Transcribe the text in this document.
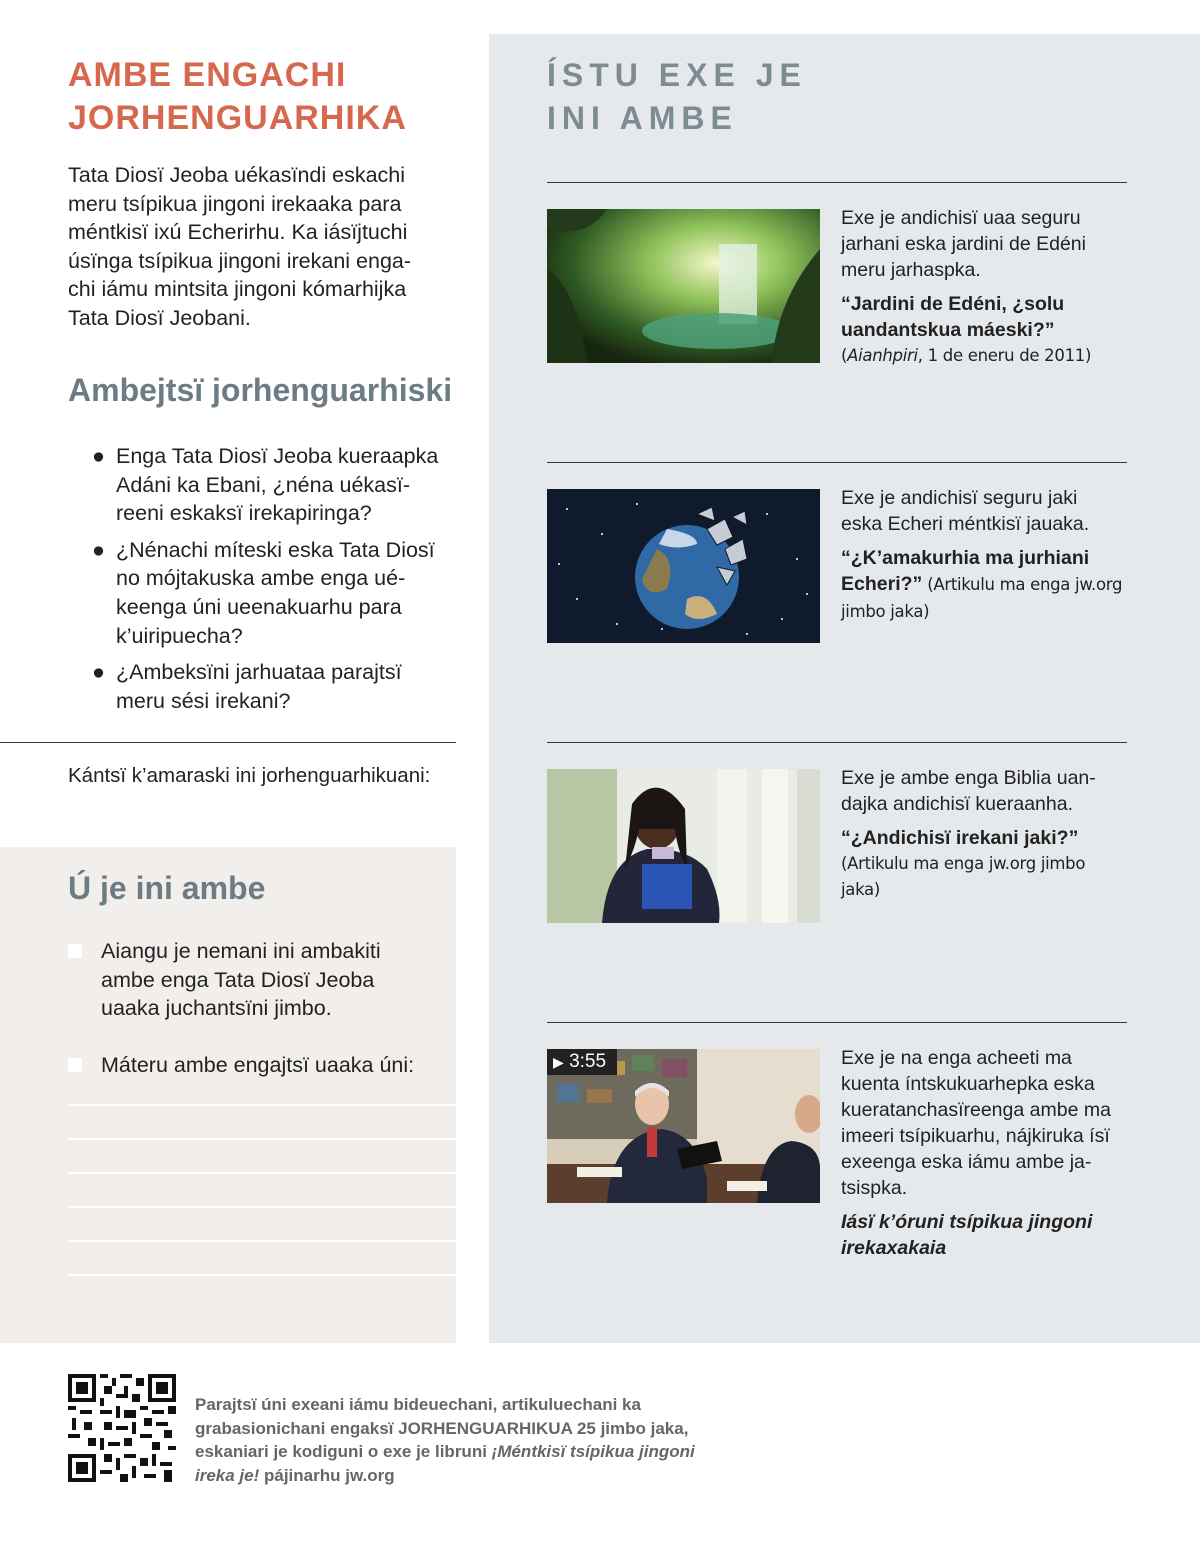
AMBE ENGACHI
JORHENGUARHIKA
Tata Diosï Jeoba uékasïndi eskachi
meru tsípikua jingoni irekaaka para
méntkisï ixú Echerirhu. Ka iásïjtuchi
úsïnga tsípikua jingoni irekani enga-
chi iámu mintsita jingoni kómarhijka
Tata Diosï Jeobani.
Ambejtsï jorhenguarhiski
● Enga Tata Diosï Jeoba kueraapka
Adáni ka Ebani, ¿néna uékasï-
reeni eskaksï irekapiringa?
● ¿Nénachi míteski eska Tata Diosï
no mójtakuska ambe enga ué-
keenga úni ueenakuarhu para
k’uiripuecha?
● ¿Ambeksïni jarhuataa parajtsï
meru sési irekani?
Kántsï k’amaraski ini jorhenguarhikuani:
Ú je ini ambe
Aiangu je nemani ini ambakiti
ambe enga Tata Diosï Jeoba
uaaka juchantsïni jimbo.
Máteru ambe engajtsï uaaka úni:
ÍSTU EXE JE
INI AMBE
Exe je andichisï uaa seguru
jarhani eska jardini de Edéni
meru jarhaspka.
“Jardini de Edéni, ¿solu
uandantskua máeski?”
(Aianhpiri, 1 de eneru de 2011)
Exe je andichisï seguru jaki
eska Echeri méntkisï jauaka.
“¿K’amakurhia ma jurhiani
Echeri?” (Artikulu ma enga jw.org jimbo jaka)
Exe je ambe enga Biblia uan-
dajka andichisï kueraanha.
“¿Andichisï irekani jaki?”
(Artikulu ma enga jw.org jimbo jaka)
▶ 3:55	Exe je na enga acheeti ma
kuenta íntskukuarhepka eska
kueratanchasïreenga ambe ma
imeeri tsípikuarhu, nájkiruka ísï
exeenga eska iámu ambe ja-
tsispka.
Iásï k’óruni tsípikua jingoni
irekaxakaia
Parajtsï úni exeani iámu bideuechani, artikuluechani ka
grabasionichani engaksï JORHENGUARHIKUA 25 jimbo jaka,
eskaniari je kodiguni o exe je libruni ¡Méntkisï tsípikua jingoni
ireka je! pájinarhu jw.org
